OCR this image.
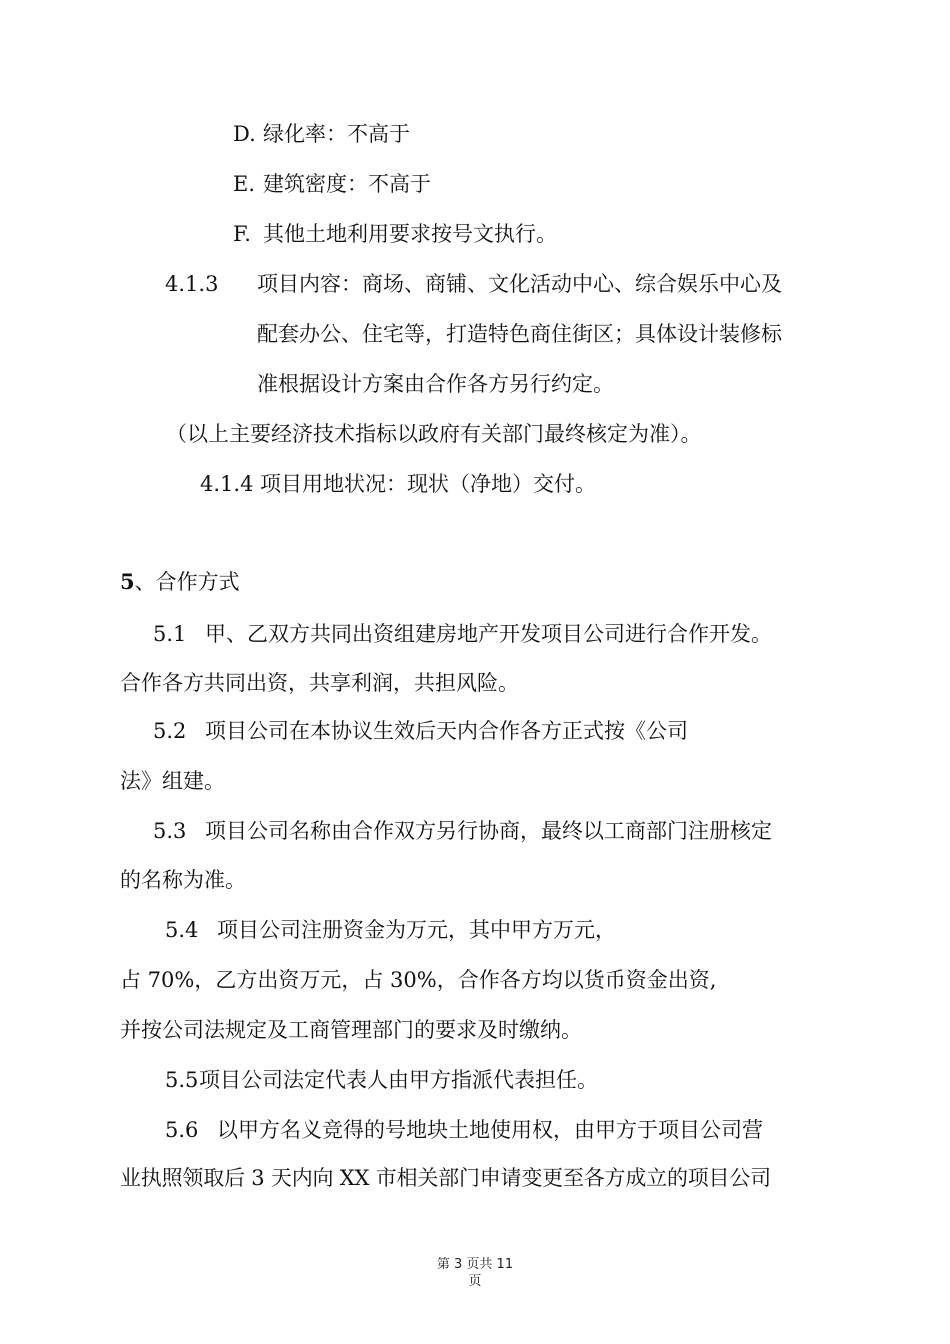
D. 绿化率：不高于
E. 建筑密度：不高于
F. 其他土地利用要求按号文执行。
4.1.3 项目内容：商场、商铺、文化活动中心、综合娱乐中心及
配套办公、住宅等，打造特色商住街区；具体设计装修标
准根据设计方案由合作各方另行约定。
（以上主要经济技术指标以政府有关部门最终核定为准）。
4.1.4 项目用地状况：现状（净地）交付。
5、合作方式
5.1 甲、乙双方共同出资组建房地产开发项目公司进行合作开发。
合作各方共同出资，共享利润，共担风险。
5.2 项目公司在本协议生效后天内合作各方正式按《公司
法》组建。
5.3 项目公司名称由合作双方另行协商，最终以工商部门注册核定
的名称为准。
5.4 项目公司注册资金为万元，其中甲方万元，
占 70%，乙方出资万元，占 30%，合作各方均以货币资金出资,
并按公司法规定及工商管理部门的要求及时缴纳。
5.5项目公司法定代表人由甲方指派代表担任。
5.6 以甲方名义竞得的号地块土地使用权，由甲方于项目公司营
业执照领取后 3 天内向 XX 市相关部门申请变更至各方成立的项目公司
第 3 页共 11
页
